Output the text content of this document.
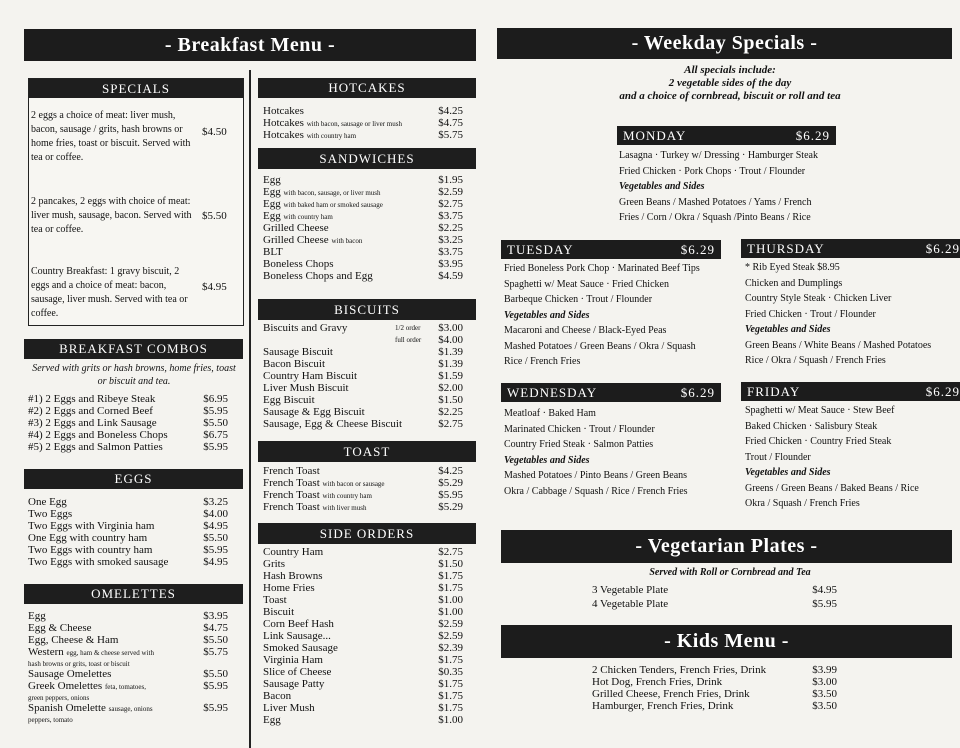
- Breakfast Menu -
SPECIALS
2 eggs a choice of meat: liver mush, bacon, sausage / grits, hash browns or home fries, toast or biscuit. Served with tea or coffee.
$4.50
2 pancakes, 2 eggs with choice of meat: liver mush, sausage, bacon. Served with tea or coffee.
$5.50
Country Breakfast: 1 gravy biscuit, 2 eggs and a choice of meat: bacon, sausage, liver mush. Served with tea or coffee.
$4.95
BREAKFAST COMBOS
Served with grits or hash browns, home fries, toast or biscuit and tea.
#1) 2 Eggs and Ribeye Steak	$6.95
#2) 2 Eggs and Corned Beef	$5.95
#3) 2 Eggs and Link Sausage	$5.50
#4) 2 Eggs and Boneless Chops	$6.75
#5) 2 Eggs and Salmon Patties	$5.95
EGGS
One Egg	$3.25
Two Eggs	$4.00
Two Eggs with Virginia ham	$4.95
One Egg with country ham	$5.50
Two Eggs with country ham	$5.95
Two Eggs with smoked sausage	$4.95
OMELETTES
Egg	$3.95
Egg & Cheese	$4.75
Egg, Cheese & Ham	$5.50
Western egg, ham & cheese served with	$5.75
hash browns or grits, toast or biscuit
Sausage Omelettes	$5.50
Greek Omelettes feta, tomatoes,	$5.95
green peppers, onions
Spanish Omelette sausage, onions	$5.95
peppers, tomato
HOTCAKES
Hotcakes	$4.25
Hotcakes with bacon, sausage or liver mush	$4.75
Hotcakes with country ham	$5.75
SANDWICHES
Egg	$1.95
Egg with bacon, sausage, or liver mush	$2.59
Egg with baked ham or smoked sausage	$2.75
Egg with country ham	$3.75
Grilled Cheese	$2.25
Grilled Cheese with bacon	$3.25
BLT	$3.75
Boneless Chops	$3.95
Boneless Chops and Egg	$4.59
BISCUITS
Biscuits and Gravy	1/2 order $3.00
full order $4.00
Sausage Biscuit	$1.39
Bacon Biscuit	$1.39
Country Ham Biscuit	$1.59
Liver Mush Biscuit	$2.00
Egg Biscuit	$1.50
Sausage & Egg Biscuit	$2.25
Sausage, Egg & Cheese Biscuit	$2.75
TOAST
French Toast	$4.25
French Toast with bacon or sausage	$5.29
French Toast with country ham	$5.95
French Toast with liver mush	$5.29
SIDE ORDERS
Country Ham	$2.75
Grits	$1.50
Hash Browns	$1.75
Home Fries	$1.75
Toast	$1.00
Biscuit	$1.00
Corn Beef Hash	$2.59
Link Sausage...	$2.59
Smoked Sausage	$2.39
Virginia Ham	$1.75
Slice of Cheese	$0.35
Sausage Patty	$1.75
Bacon	$1.75
Liver Mush	$1.75
Egg	$1.00
- Weekday Specials -
All specials include:
2 vegetable sides of the day
and a choice of cornbread, biscuit or roll and tea
MONDAY	$6.29
Lasagna · Turkey w/ Dressing · Hamburger Steak
Fried Chicken · Pork Chops · Trout / Flounder
Vegetables and Sides
Green Beans / Mashed Potatoes / Yams / French
Fries / Corn / Okra / Squash /Pinto Beans / Rice
TUESDAY	$6.29
Fried Boneless Pork Chop · Marinated Beef Tips
Spaghetti w/ Meat Sauce · Fried Chicken
Barbeque Chicken · Trout / Flounder
Vegetables and Sides
Macaroni and Cheese / Black-Eyed Peas
Mashed Potatoes / Green Beans / Okra / Squash
Rice / French Fries
THURSDAY	$6.29
* Rib Eyed Steak $8.95
Chicken and Dumplings
Country Style Steak · Chicken Liver
Fried Chicken · Trout / Flounder
Vegetables and Sides
Green Beans / White Beans / Mashed Potatoes
Rice / Okra / Squash / French Fries
WEDNESDAY	$6.29
Meatloaf · Baked Ham
Marinated Chicken · Trout / Flounder
Country Fried Steak · Salmon Patties
Vegetables and Sides
Mashed Potatoes / Pinto Beans / Green Beans
Okra / Cabbage / Squash / Rice / French Fries
FRIDAY	$6.29
Spaghetti w/ Meat Sauce · Stew Beef
Baked Chicken · Salisbury Steak
Fried Chicken · Country Fried Steak
Trout / Flounder
Vegetables and Sides
Greens / Green Beans / Baked Beans / Rice
Okra / Squash / French Fries
- Vegetarian Plates -
Served with Roll or Cornbread and Tea
3 Vegetable Plate	$4.95
4 Vegetable Plate	$5.95
- Kids Menu -
2 Chicken Tenders, French Fries, Drink	$3.99
Hot Dog, French Fries, Drink	$3.00
Grilled Cheese, French Fries, Drink	$3.50
Hamburger, French Fries, Drink	$3.50
